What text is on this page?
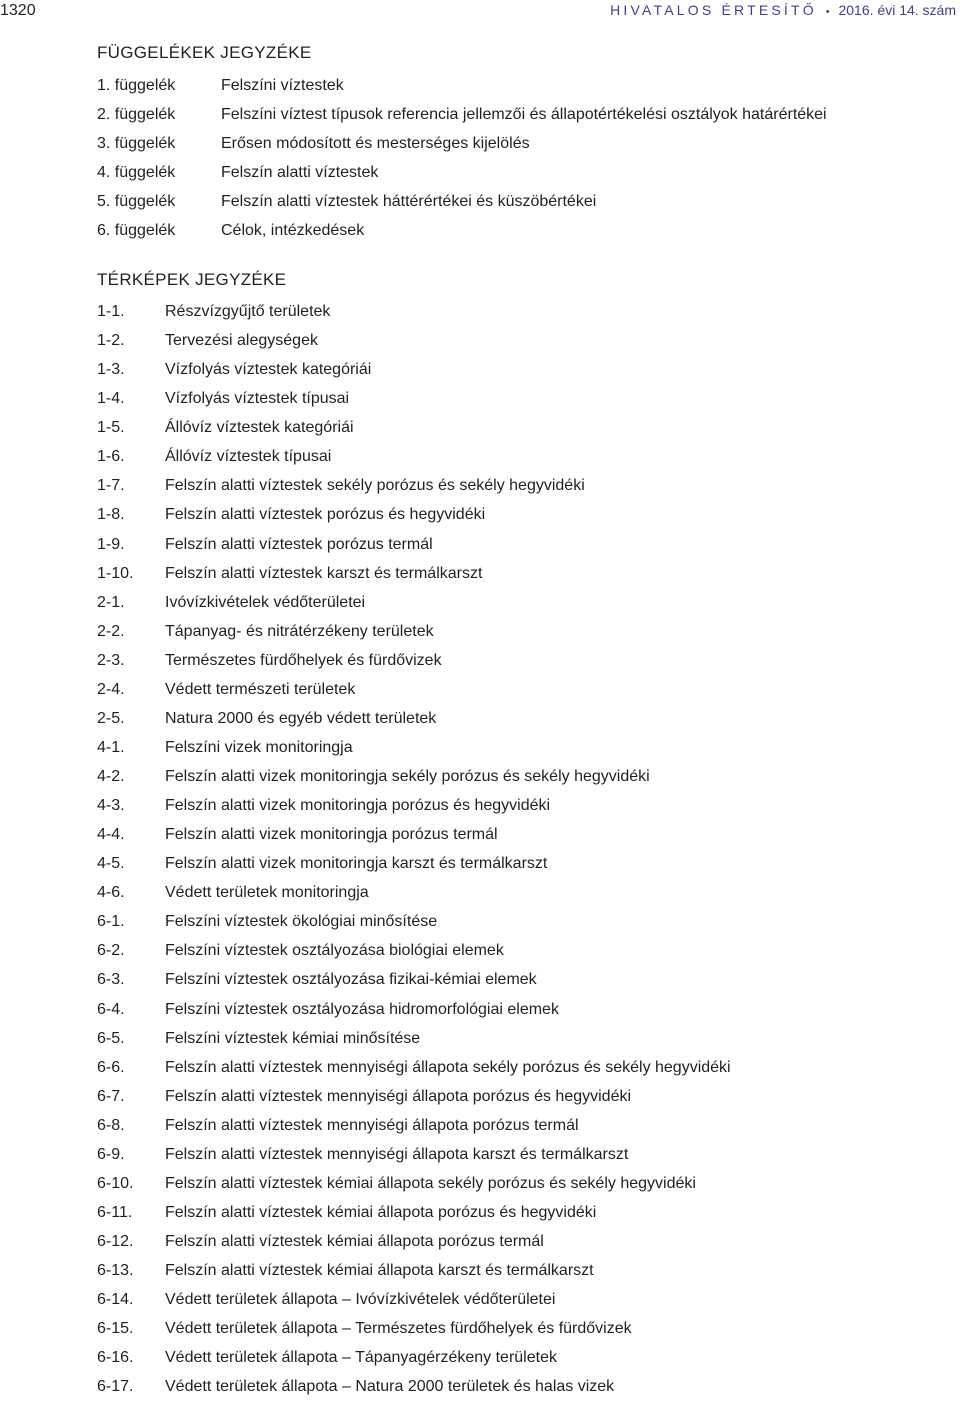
1320	HIVATALOS ÉRTESÍTŐ • 2016. évi 14. szám
FÜGGELÉKEK JEGYZÉKE
1. függelék	Felszíni víztestek
2. függelék	Felszíni víztest típusok referencia jellemzői és állapotértékelési osztályok határértékei
3. függelék	Erősen módosított és mesterséges kijelölés
4. függelék	Felszín alatti víztestek
5. függelék	Felszín alatti víztestek háttérértékei és küszöbértékei
6. függelék	Célok, intézkedések
TÉRKÉPEK JEGYZÉKE
1-1.	Részvízgyűjtő területek
1-2.	Tervezési alegységek
1-3.	Vízfolyás víztestek kategóriái
1-4.	Vízfolyás víztestek típusai
1-5.	Állóvíz víztestek kategóriái
1-6.	Állóvíz víztestek típusai
1-7.	Felszín alatti víztestek sekély porózus és sekély hegyvidéki
1-8.	Felszín alatti víztestek porózus és hegyvidéki
1-9.	Felszín alatti víztestek porózus termál
1-10.	Felszín alatti víztestek karszt és termálkarszt
2-1.	Ivóvízkivételek védőterületei
2-2.	Tápanyag- és nitrátérzékeny területek
2-3.	Természetes fürdőhelyek és fürdővizek
2-4.	Védett természeti területek
2-5.	Natura 2000 és egyéb védett területek
4-1.	Felszíni vizek monitoringja
4-2.	Felszín alatti vizek monitoringja sekély porózus és sekély hegyvidéki
4-3.	Felszín alatti vizek monitoringja porózus és hegyvidéki
4-4.	Felszín alatti vizek monitoringja porózus termál
4-5.	Felszín alatti vizek monitoringja karszt és termálkarszt
4-6.	Védett területek monitoringja
6-1.	Felszíni víztestek ökológiai minősítése
6-2.	Felszíni víztestek osztályozása biológiai elemek
6-3.	Felszíni víztestek osztályozása fizikai-kémiai elemek
6-4.	Felszíni víztestek osztályozása hidromorfológiai elemek
6-5.	Felszíni víztestek kémiai minősítése
6-6.	Felszín alatti víztestek mennyiségi állapota sekély porózus és sekély hegyvidéki
6-7.	Felszín alatti víztestek mennyiségi állapota porózus és hegyvidéki
6-8.	Felszín alatti víztestek mennyiségi állapota porózus termál
6-9.	Felszín alatti víztestek mennyiségi állapota karszt és termálkarszt
6-10.	Felszín alatti víztestek kémiai állapota sekély porózus és sekély hegyvidéki
6-11.	Felszín alatti víztestek kémiai állapota porózus és hegyvidéki
6-12.	Felszín alatti víztestek kémiai állapota porózus termál
6-13.	Felszín alatti víztestek kémiai állapota karszt és termálkarszt
6-14.	Védett területek állapota – Ivóvízkivételek védőterületei
6-15.	Védett területek állapota – Természetes fürdőhelyek és fürdővizek
6-16.	Védett területek állapota – Tápanyagérzékeny területek
6-17.	Védett területek állapota – Natura 2000 területek és halas vizek
